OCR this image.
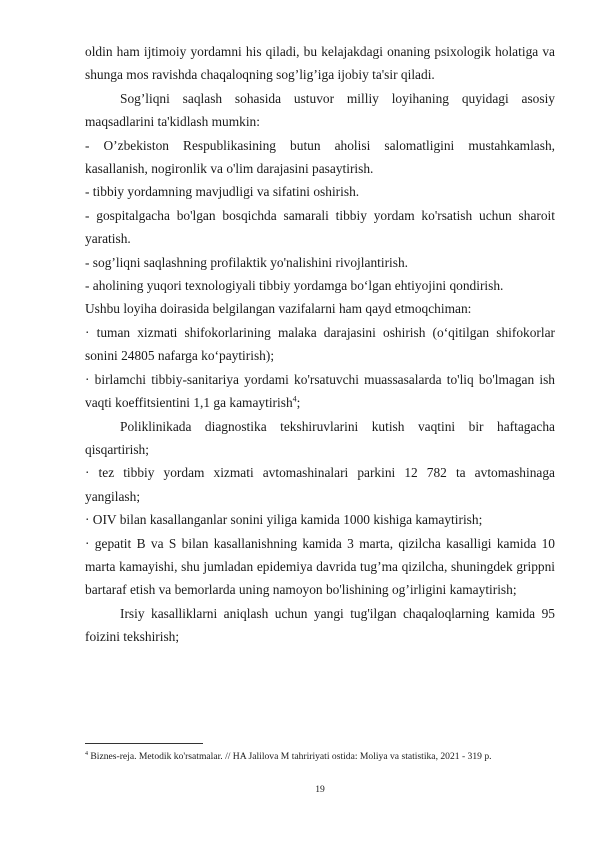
oldin ham ijtimoiy yordamni his qiladi, bu kelajakdagi onaning psixologik holatiga va shunga mos ravishda chaqaloqning sog’lig’iga ijobiy ta'sir qiladi.

Sog’liqni saqlash sohasida ustuvor milliy loyihaning quyidagi asosiy maqsadlarini ta'kidlash mumkin:

- O’zbekiston Respublikasining butun aholisi salomatligini mustahkamlash, kasallanish, nogironlik va o'lim darajasini pasaytirish.

- tibbiy yordamning mavjudligi va sifatini oshirish.

- gospitalgacha bo'lgan bosqichda samarali tibbiy yordam ko'rsatish uchun sharoit yaratish.

- sog’liqni saqlashning profilaktik yo'nalishini rivojlantirish.

- aholining yuqori texnologiyali tibbiy yordamga bo‘lgan ehtiyojini qondirish.

Ushbu loyiha doirasida belgilangan vazifalarni ham qayd etmoqchiman:

· tuman xizmati shifokorlarining malaka darajasini oshirish (o‘qitilgan shifokorlar sonini 24805 nafarga ko‘paytirish);

· birlamchi tibbiy-sanitariya yordami ko'rsatuvchi muassasalarda to'liq bo'lmagan ish vaqti koeffitsientini 1,1 ga kamaytirish$^4$;

Poliklinikada diagnostika tekshiruvlarini kutish vaqtini bir haftagacha qisqartirish;

· tez tibbiy yordam xizmati avtomashinalari parkini 12 782 ta avtomashinaga yangilash;

· OIV bilan kasallanganlar sonini yiliga kamida 1000 kishiga kamaytirish;

· gepatit B va S bilan kasallanishning kamida 3 marta, qizilcha kasalligi kamida 10 marta kamayishi, shu jumladan epidemiya davrida tug’ma qizilcha, shuningdek grippni bartaraf etish va bemorlarda uning namoyon bo'lishining og’irligini kamaytirish;

Irsiy kasalliklarni aniqlash uchun yangi tug'ilgan chaqaloqlarning kamida 95 foizini tekshirish;

$^4$ Biznes-reja. Metodik ko'rsatmalar. // HA Jalilova M tahririyati ostida: Moliya va statistika, 2021 - 319 p.
19
